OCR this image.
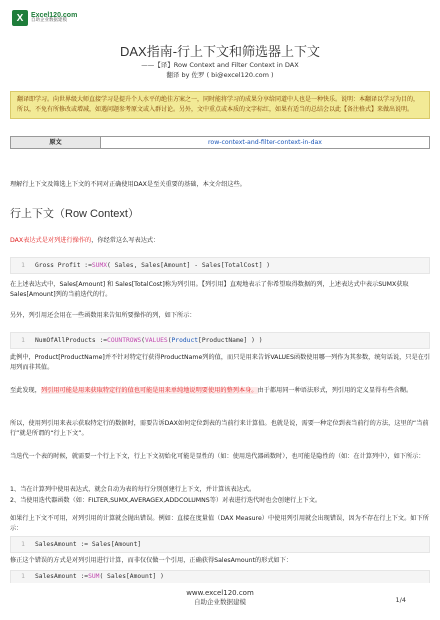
X	Excel120.com
自助企业数据建模
DAX指南-行上下文和筛选器上下文
——【译】Row Context and Filter Context in DAX
翻译 by 佐罗 ( bi@excel120.com )
翻译即学习。向世界级大师直接学习是提升个人水平的绝佳方案之一，同时能将学习的成果分享给同道中人也是一种快乐。说明：本翻译以学习为目的，所以，不免有所修改或增减，如遇问题参考原文或入群讨论。另外，文中重点或本质的文字标红，如果有适当的总结会以此【备注格式】来做出说明。
原文	row-context-and-filter-context-in-dax
理解行上下文及筛选上下文的不同对正确使用DAX是至关重要的基础，本文介绍这些。
行上下文（Row Context）
DAX表达式是对列进行操作的，你经常这么写表达式：
1	Gross Profit := SUMX ( Sales, Sales[Amount] - Sales[TotalCost] )
在上述表达式中，Sales[Amount] 和 Sales[TotalCost]称为列引用。【列引用】直观地表示了你希望取得数据的列，上述表达式中表示SUMX获取Sales[Amount]列的当前迭代的行。
另外，列引用还会用在一些函数用来告知所要操作的列，如下所示：
1	NumOfAllProducts := COUNTROWS ( VALUES ( Product [ProductName] ) )
此例中，Product[ProductName]并不针对特定行获得ProductName列的值，而只是用来告诉VALUES函数使用哪一列作为其参数，统句话说，只是在引用列而非其值。
至此发现，列引用可能是用来获取特定行的值也可能是用来单纯地说明要使用的整列本身。由于都用同一种语法形式，列引用的定义显得有些含糊。
所以，使用列引用来表示获取特定行的数据时，需要告诉DAX如何定位到表的当前行来计算值。也就是说，需要一种定位到表当前行的方法，这里的“当前行”就是所谓的“行上下文”。
当迭代一个表的时候，就需要一个行上下文，行上下文初始化可能是显性的（如：使用迭代器函数时），也可能是隐性的（如：在计算列中），如下所示：
1、当在计算列中使用表达式，就会自动为表的每行分别创建行上下文，并计算该表达式。
2、当使用迭代器函数（如：FILTER,SUMX,AVERAGEX,ADDCOLUMNS等）对表进行迭代时也会创建行上下文。
如果行上下文不可用，对列引用的计算就会抛出错误。例如：直接在度量值（DAX Measure）中使用列引用就会出现错误，因为不存在行上下文。如下所示：
1	SalesAmount := Sales[Amount]
修正这个错误的方式是对列引用进行计算，而非仅仅做一个引用，正确获得SalesAmount的形式如下：
1	SalesAmount := SUM ( Sales[Amount] )
www.excel120.com
自助企业数据建模	1/4
